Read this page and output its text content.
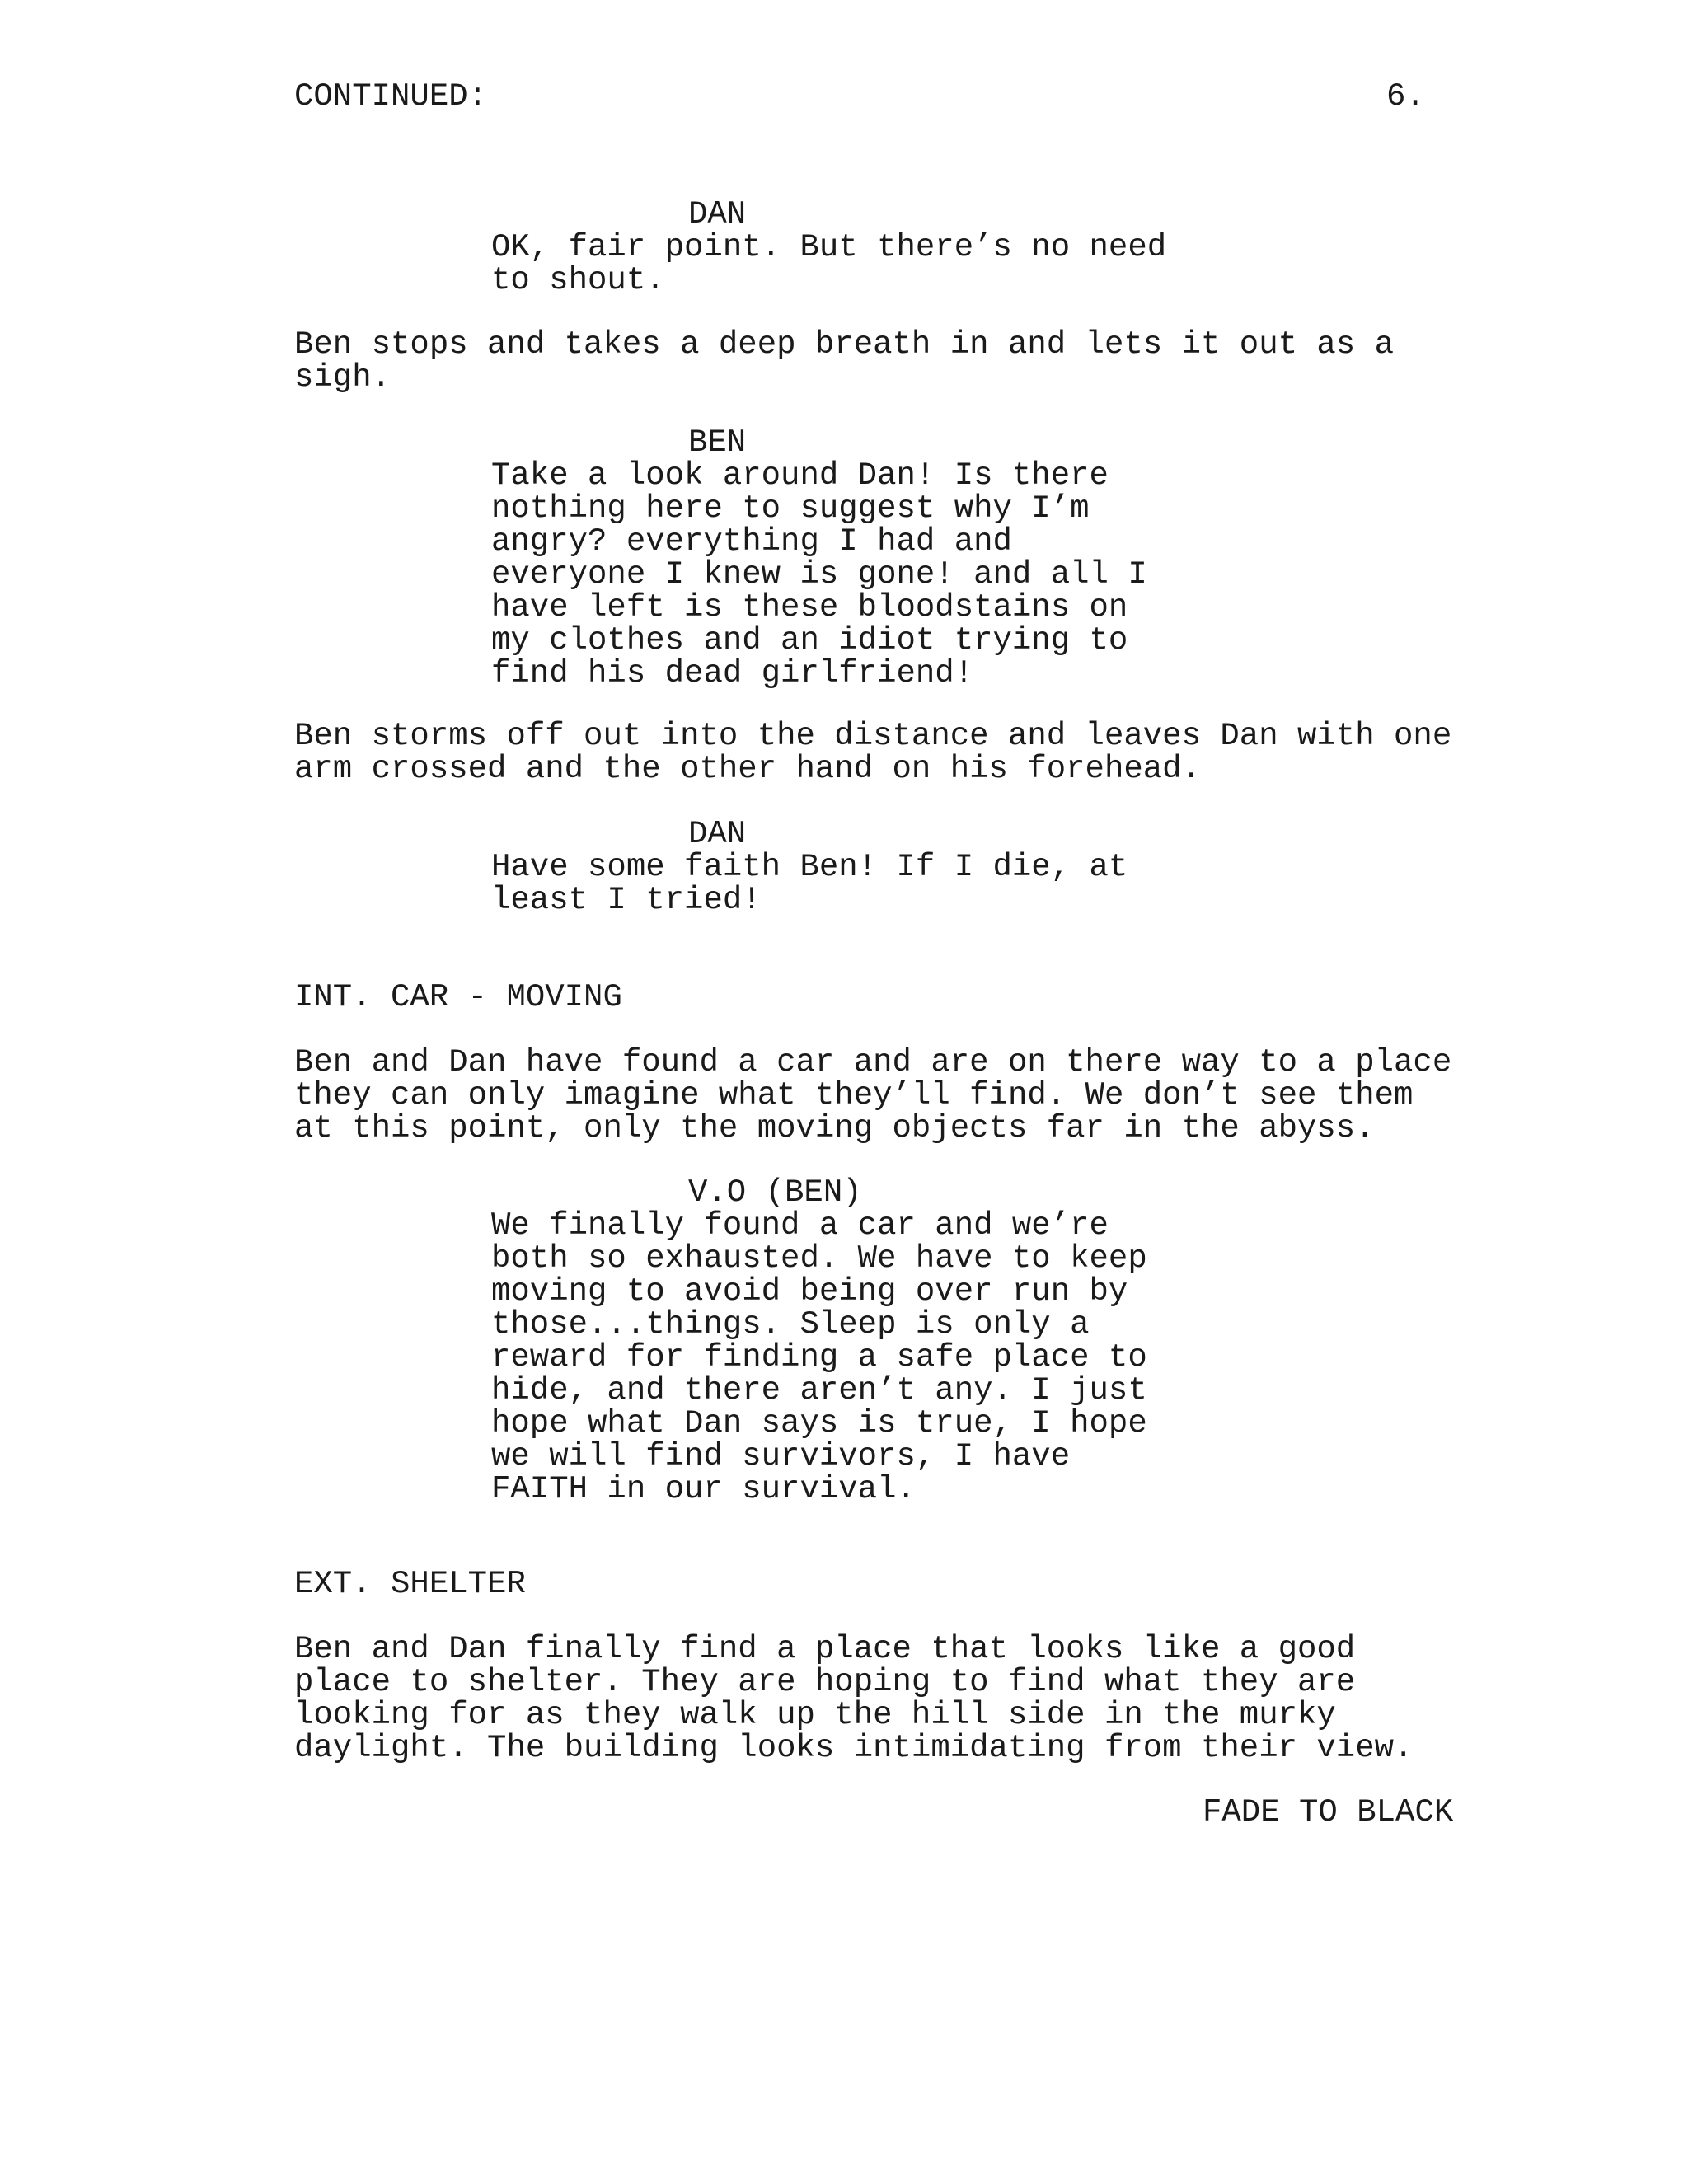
CONTINUED:	6.
DAN
OK, fair point. But there’s no need
to shout.
Ben stops and takes a deep breath in and lets it out as a
sigh.
BEN
Take a look around Dan! Is there
nothing here to suggest why I’m
angry? everything I had and
everyone I knew is gone! and all I
have left is these bloodstains on
my clothes and an idiot trying to
find his dead girlfriend!
Ben storms off out into the distance and leaves Dan with one
arm crossed and the other hand on his forehead.
DAN
Have some faith Ben! If I die, at
least I tried!
INT. CAR - MOVING
Ben and Dan have found a car and are on there way to a place
they can only imagine what they’ll find. We don’t see them
at this point, only the moving objects far in the abyss.
V.O (BEN)
We finally found a car and we’re
both so exhausted. We have to keep
moving to avoid being over run by
those...things. Sleep is only a
reward for finding a safe place to
hide, and there aren’t any. I just
hope what Dan says is true, I hope
we will find survivors, I have
FAITH in our survival.
EXT. SHELTER
Ben and Dan finally find a place that looks like a good
place to shelter. They are hoping to find what they are
looking for as they walk up the hill side in the murky
daylight. The building looks intimidating from their view.
FADE TO BLACK
